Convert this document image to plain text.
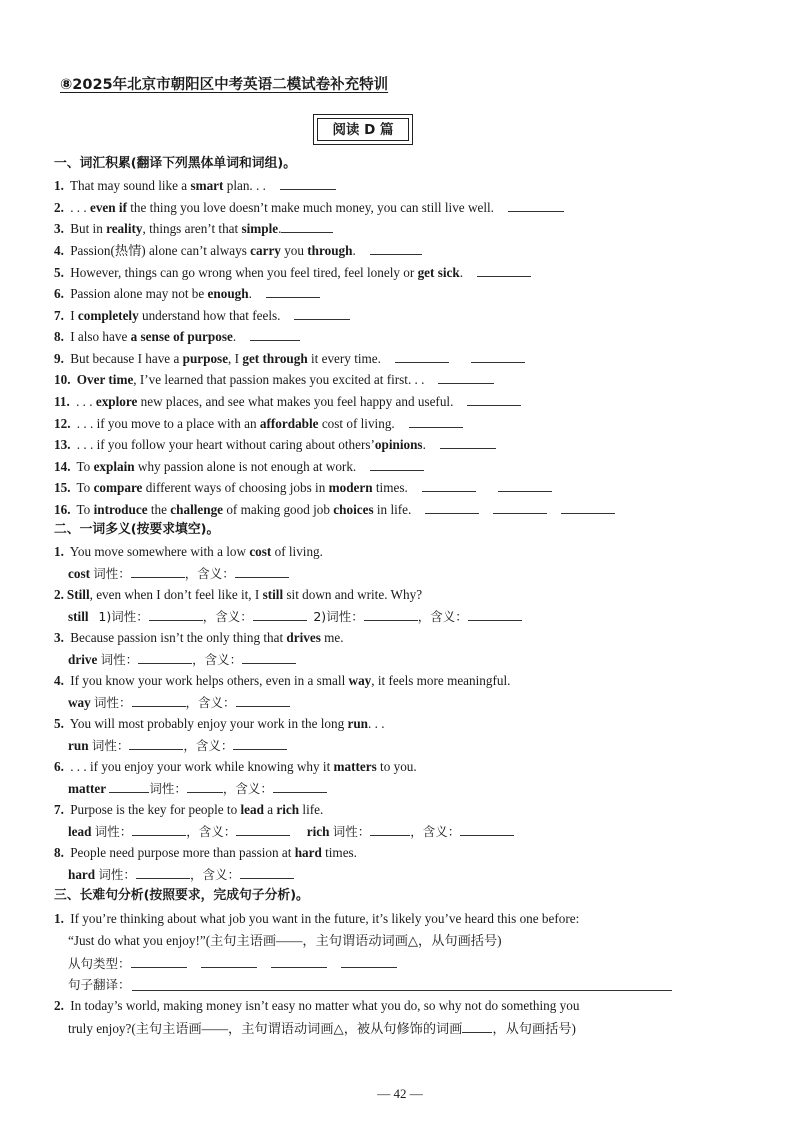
⑧2025年北京市朝阳区中考英语二模试卷补充特训
阅读 D 篇
一、词汇积累(翻译下列黑体单词和词组)。
1. That may sound like a smart plan. . .
2. . . . even if the thing you love doesn’t make much money, you can still live well.
3. But in reality, things aren’t that simple.
4. Passion(热情) alone can’t always carry you through.
5. However, things can go wrong when you feel tired, feel lonely or get sick.
6. Passion alone may not be enough.
7. I completely understand how that feels.
8. I also have a sense of purpose.
9. But because I have a purpose, I get through it every time.
10. Over time, I’ve learned that passion makes you excited at first. . .
11. . . . explore new places, and see what makes you feel happy and useful.
12. . . . if you move to a place with an affordable cost of living.
13. . . . if you follow your heart without caring about others’opinions.
14. To explain why passion alone is not enough at work.
15. To compare different ways of choosing jobs in modern times.
16. To introduce the challenge of making good job choices in life.
二、一词多义(按要求填空)。
1. You move somewhere with a low cost of living.
cost 词性：	，含义：
2. Still, even when I don’t feel like it, I still sit down and write. Why?
still 1)词性：	，含义：	2)词性：	，含义：
3. Because passion isn’t the only thing that drives me.
drive 词性：	，含义：
4. If you know your work helps others, even in a small way, it feels more meaningful.
way 词性：	，含义：
5. You will most probably enjoy your work in the long run. . .
run 词性：	，含义：
6. . . . if you enjoy your work while knowing why it matters to you.
matter	词性：	，含义：
7. Purpose is the key for people to lead a rich life.
lead 词性：	，含义：	rich 词性：	，含义：
8. People need purpose more than passion at hard times.
hard 词性：	，含义：
三、长难句分析(按照要求，完成句子分析)。
1. If you’re thinking about what job you want in the future, it’s likely you’ve heard this one before:
“Just do what you enjoy!”(主句主语画——，主句谓语动词画△，从句画括号)
从句类型：
句子翻译：
2. In today’s world, making money isn’t easy no matter what you do, so why not do something you
truly enjoy?(主句主语画——，主句谓语动词画△，被从句修饰的词画 ，从句画括号)
— 42 —
